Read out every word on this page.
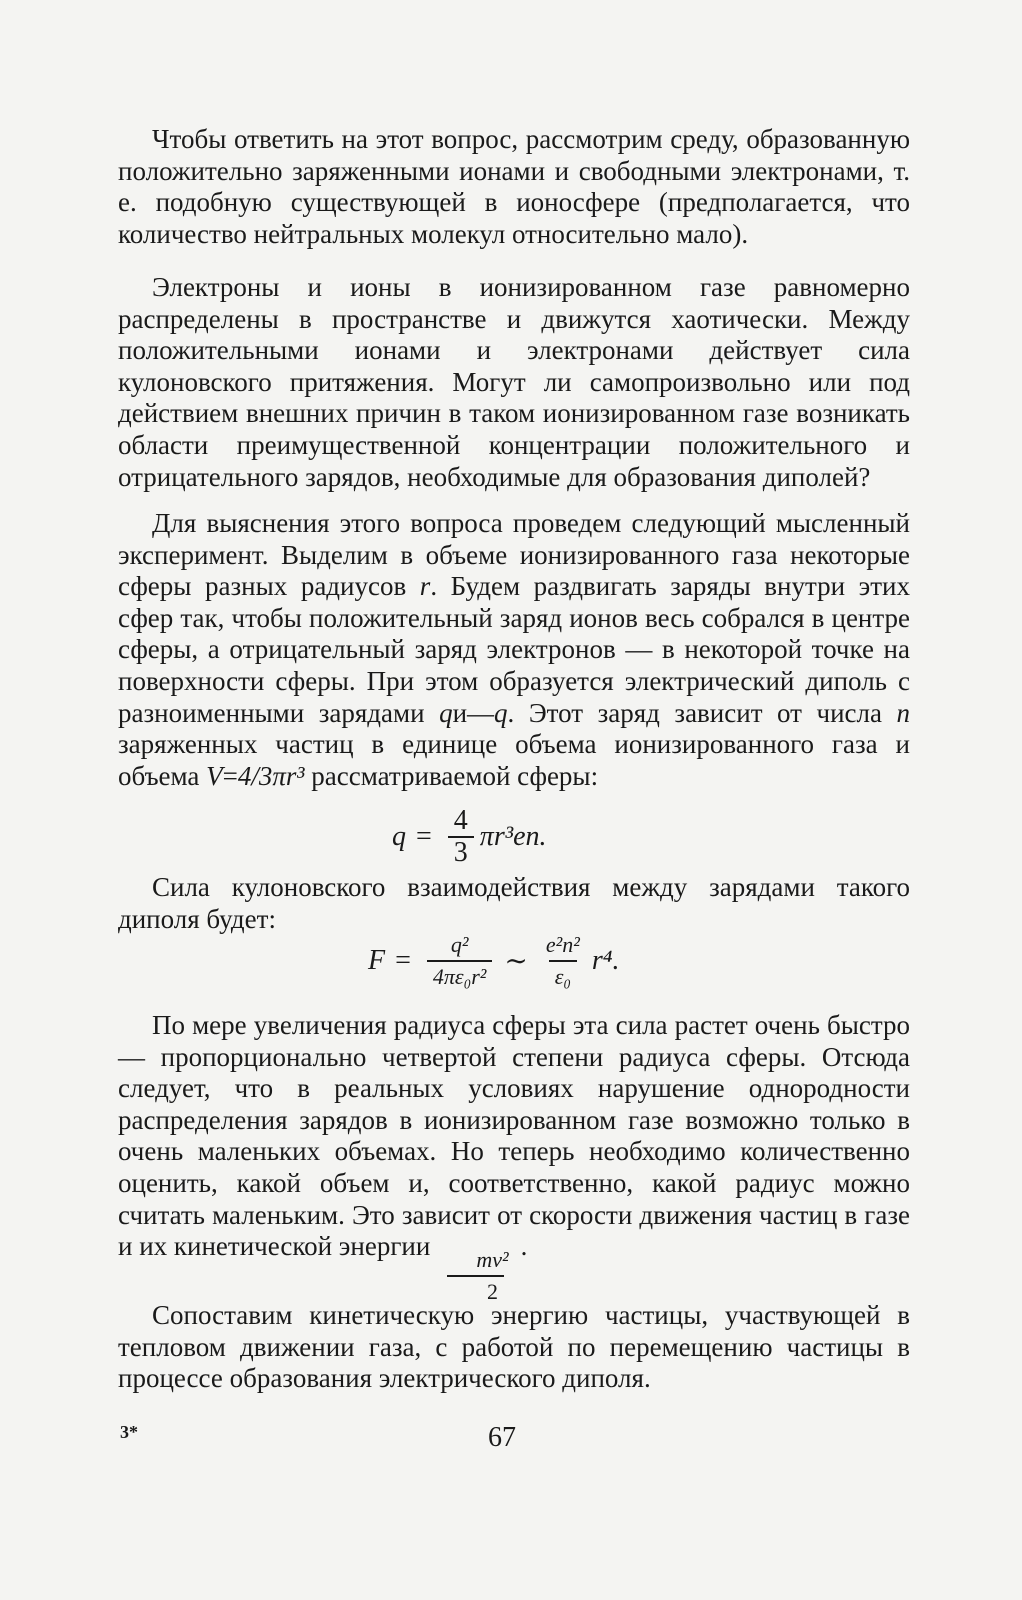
Чтобы ответить на этот вопрос, рассмотрим среду, образованную положительно заряженными ионами и свободными электронами, т. е. подобную существующей в ионосфере (предполагается, что количество нейтральных молекул относительно мало).

Электроны и ионы в ионизированном газе равномерно распределены в пространстве и движутся хаотически. Между положительными ионами и электронами действует сила кулоновского притяжения. Могут ли самопроизвольно или под действием внешних причин в таком ионизированном газе возникать области преимущественной концентрации положительного и отрицательного зарядов, необходимые для образования диполей?

Для выяснения этого вопроса проведем следующий мысленный эксперимент. Выделим в объеме ионизированного газа некоторые сферы разных радиусов r. Будем раздвигать заряды внутри этих сфер так, чтобы положительный заряд ионов весь собрался в центре сферы, а отрицательный заряд электронов — в некоторой точке на поверхности сферы. При этом образуется электрический диполь с разноименными зарядами qи—q. Этот заряд зависит от числа n заряженных частиц в единице объема ионизированного газа и объема V=4/3πr³ рассматриваемой сферы:

$q = \frac{4}{3} \pi r^3en$.

Сила кулоновского взаимодействия между зарядами такого диполя будет:

$F = \frac{\text{q²}}{\text{4πε₀r²}}$ ∼ $\frac{\text{e²n²}}{\text{ε₀}} r^4$.

По мере увеличения радиуса сферы эта сила растет очень быстро — пропорционально четвертой степени радиуса сферы. Отсюда следует, что в реальных условиях нарушение однородности распределения зарядов в ионизированном газе возможно только в очень маленьких объемах. Но теперь необходимо количественно оценить, какой объем и, соответственно, какой радиус можно считать маленьким. Это зависит от скорости движения частиц в газе и их кинетической энергии $\frac{\text{mv²}}{2}$ .

Сопоставим кинетическую энергию частицы, участвующей в тепловом движении газа, с работой по перемещению частицы в процессе образования электрического диполя.

3*	67
